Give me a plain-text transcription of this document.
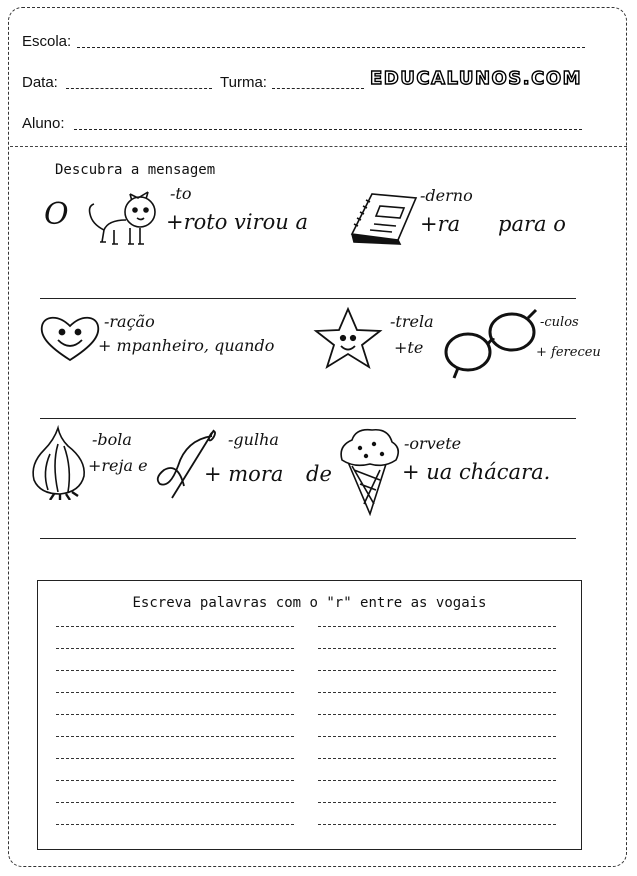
Escola:
Data:	Turma:	EDUCALUNOS.COM
Aluno:
Descubra a mensagem
O
-to
+roto virou a
-derno
+ra para o
-ração
+ mpanheiro, quando
-trela
+te
-culos
+ fereceu
-bola
+reja e
-gulha
+ mora de
-orvete
+ ua chácara.
Escreva palavras com o "r" entre as vogais
